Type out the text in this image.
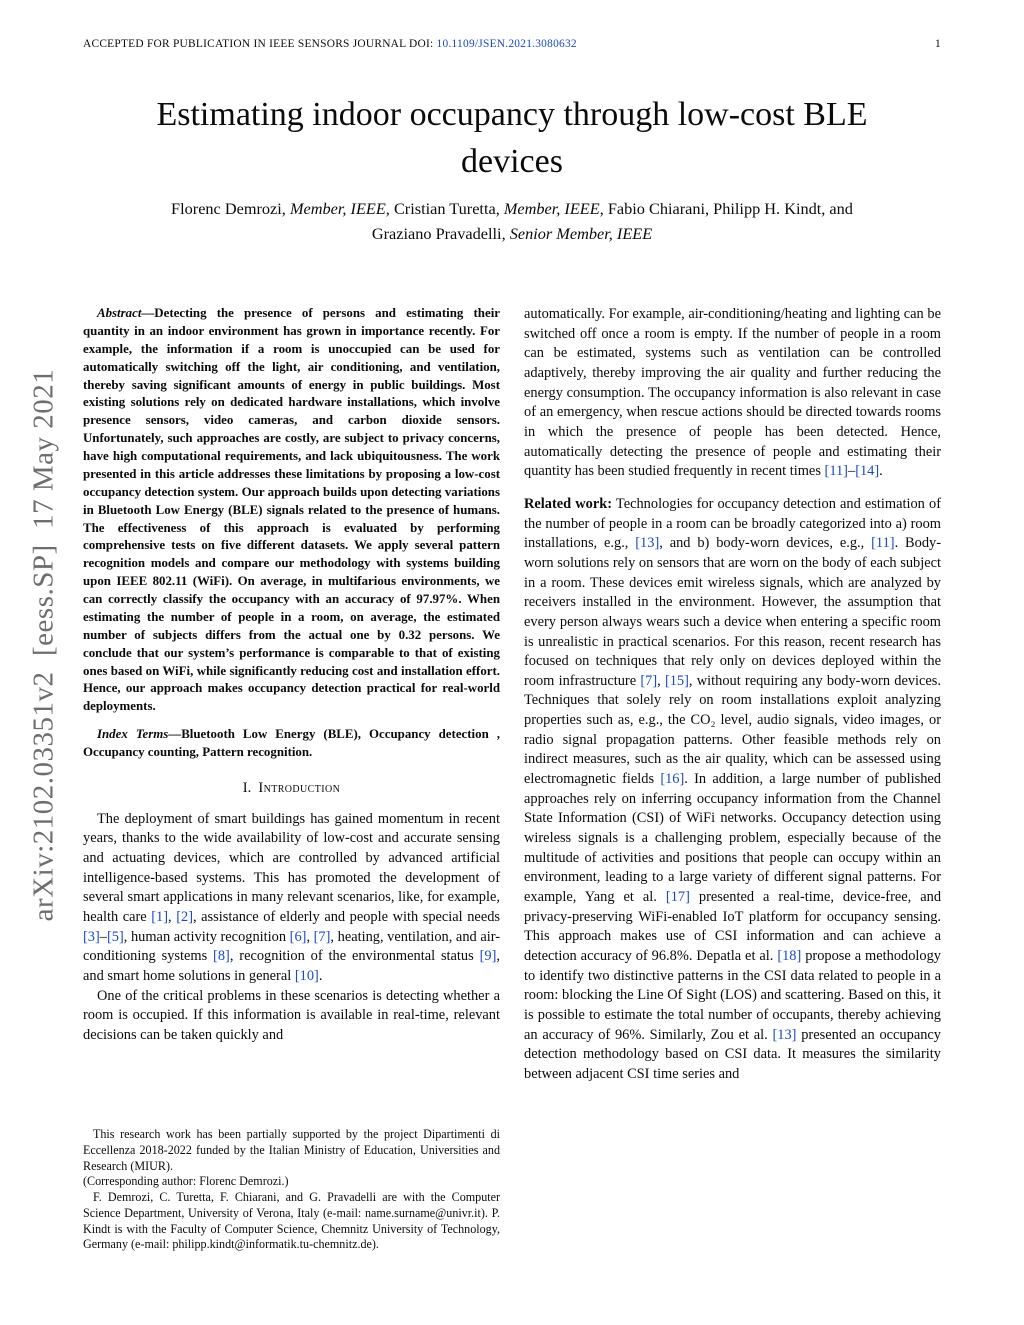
ACCEPTED FOR PUBLICATION IN IEEE SENSORS JOURNAL DOI: 10.1109/JSEN.2021.3080632	1
arXiv:2102.03351v2  [eess.SP]  17 May 2021
Estimating indoor occupancy through low-cost BLE
devices
Florenc Demrozi, Member, IEEE, Cristian Turetta, Member, IEEE, Fabio Chiarani, Philipp H. Kindt, and
Graziano Pravadelli, Senior Member, IEEE

Abstract—Detecting the presence of persons and estimating their quantity in an indoor environment has grown in importance recently. For example, the information if a room is unoccupied can be used for automatically switching off the light, air conditioning, and ventilation, thereby saving significant amounts of energy in public buildings. Most existing solutions rely on dedicated hardware installations, which involve presence sensors, video cameras, and carbon dioxide sensors. Unfortunately, such approaches are costly, are subject to privacy concerns, have high computational requirements, and lack ubiquitousness. The work presented in this article addresses these limitations by proposing a low-cost occupancy detection system. Our approach builds upon detecting variations in Bluetooth Low Energy (BLE) signals related to the presence of humans. The effectiveness of this approach is evaluated by performing comprehensive tests on five different datasets. We apply several pattern recognition models and compare our methodology with systems building upon IEEE 802.11 (WiFi). On average, in multifarious environments, we can correctly classify the occupancy with an accuracy of 97.97%. When estimating the number of people in a room, on average, the estimated number of subjects differs from the actual one by 0.32 persons. We conclude that our system’s performance is comparable to that of existing ones based on WiFi, while significantly reducing cost and installation effort. Hence, our approach makes occupancy detection practical for real-world deployments.

Index Terms—Bluetooth Low Energy (BLE), Occupancy detection , Occupancy counting, Pattern recognition.

I. Introduction

The deployment of smart buildings has gained momentum in recent years, thanks to the wide availability of low-cost and accurate sensing and actuating devices, which are controlled by advanced artificial intelligence-based systems. This has promoted the development of several smart applications in many relevant scenarios, like, for example, health care [1], [2], assistance of elderly and people with special needs [3]–[5], human activity recognition [6], [7], heating, ventilation, and air-conditioning systems [8], recognition of the environmental status [9], and smart home solutions in general [10].

One of the critical problems in these scenarios is detecting whether a room is occupied. If this information is available in real-time, relevant decisions can be taken quickly and

This research work has been partially supported by the project Dipartimenti di Eccellenza 2018-2022 funded by the Italian Ministry of Education, Universities and Research (MIUR).

(Corresponding author: Florenc Demrozi.)

F. Demrozi, C. Turetta, F. Chiarani, and G. Pravadelli are with the Computer Science Department, University of Verona, Italy (e-mail: name.surname@univr.it). P. Kindt is with the Faculty of Computer Science, Chemnitz University of Technology, Germany (e-mail: philipp.kindt@informatik.tu-chemnitz.de).

automatically. For example, air-conditioning/heating and lighting can be switched off once a room is empty. If the number of people in a room can be estimated, systems such as ventilation can be controlled adaptively, thereby improving the air quality and further reducing the energy consumption. The occupancy information is also relevant in case of an emergency, when rescue actions should be directed towards rooms in which the presence of people has been detected. Hence, automatically detecting the presence of people and estimating their quantity has been studied frequently in recent times [11]–[14].

Related work: Technologies for occupancy detection and estimation of the number of people in a room can be broadly categorized into a) room installations, e.g., [13], and b) body-worn devices, e.g., [11]. Body-worn solutions rely on sensors that are worn on the body of each subject in a room. These devices emit wireless signals, which are analyzed by receivers installed in the environment. However, the assumption that every person always wears such a device when entering a specific room is unrealistic in practical scenarios. For this reason, recent research has focused on techniques that rely only on devices deployed within the room infrastructure [7], [15], without requiring any body-worn devices. Techniques that solely rely on room installations exploit analyzing properties such as, e.g., the CO₂ level, audio signals, video images, or radio signal propagation patterns. Other feasible methods rely on indirect measures, such as the air quality, which can be assessed using electromagnetic fields [16]. In addition, a large number of published approaches rely on inferring occupancy information from the Channel State Information (CSI) of WiFi networks. Occupancy detection using wireless signals is a challenging problem, especially because of the multitude of activities and positions that people can occupy within an environment, leading to a large variety of different signal patterns. For example, Yang et al. [17] presented a real-time, device-free, and privacy-preserving WiFi-enabled IoT platform for occupancy sensing. This approach makes use of CSI information and can achieve a detection accuracy of 96.8%. Depatla et al. [18] propose a methodology to identify two distinctive patterns in the CSI data related to people in a room: blocking the Line Of Sight (LOS) and scattering. Based on this, it is possible to estimate the total number of occupants, thereby achieving an accuracy of 96%. Similarly, Zou et al. [13] presented an occupancy detection methodology based on CSI data. It measures the similarity between adjacent CSI time series and
